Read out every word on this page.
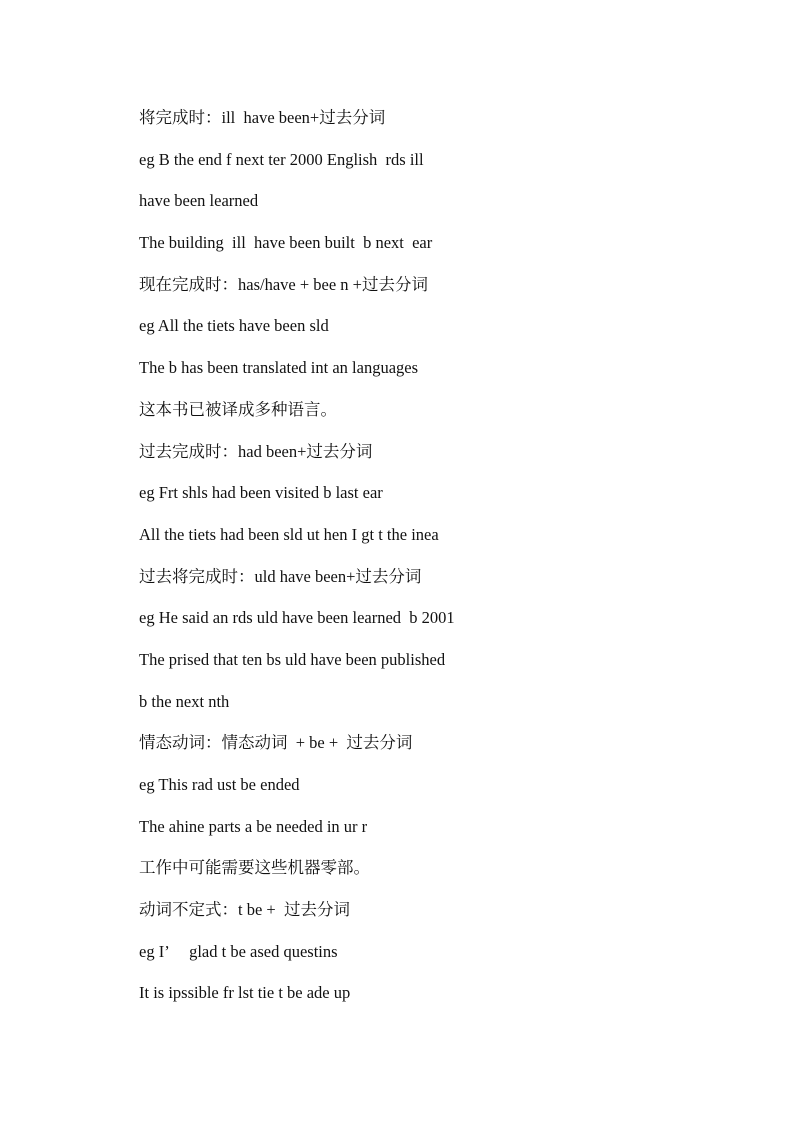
将完成时：ill  have been+过去分词
eg B the end f next ter 2000 English  rds ill
have been learned
The building  ill  have been built  b next  ear
现在完成时：has/have + bee n +过去分词
eg All the tiets have been sld
The b has been translated int an languages
这本书已被译成多种语言。
过去完成时：had been+过去分词
eg Frt shls had been visited b last ear
All the tiets had been sld ut hen I gt t the inea
过去将完成时：uld have been+过去分词
eg He said an rds uld have been learned  b 2001
The prised that ten bs uld have been published
b the next nth
情态动词：情态动词  + be +  过去分词
eg This rad ust be ended
The ahine parts a be needed in ur r
工作中可能需要这些机器零部。
动词不定式：t be +  过去分词
eg I’     glad t be ased questins
It is ipssible fr lst tie t be ade up
